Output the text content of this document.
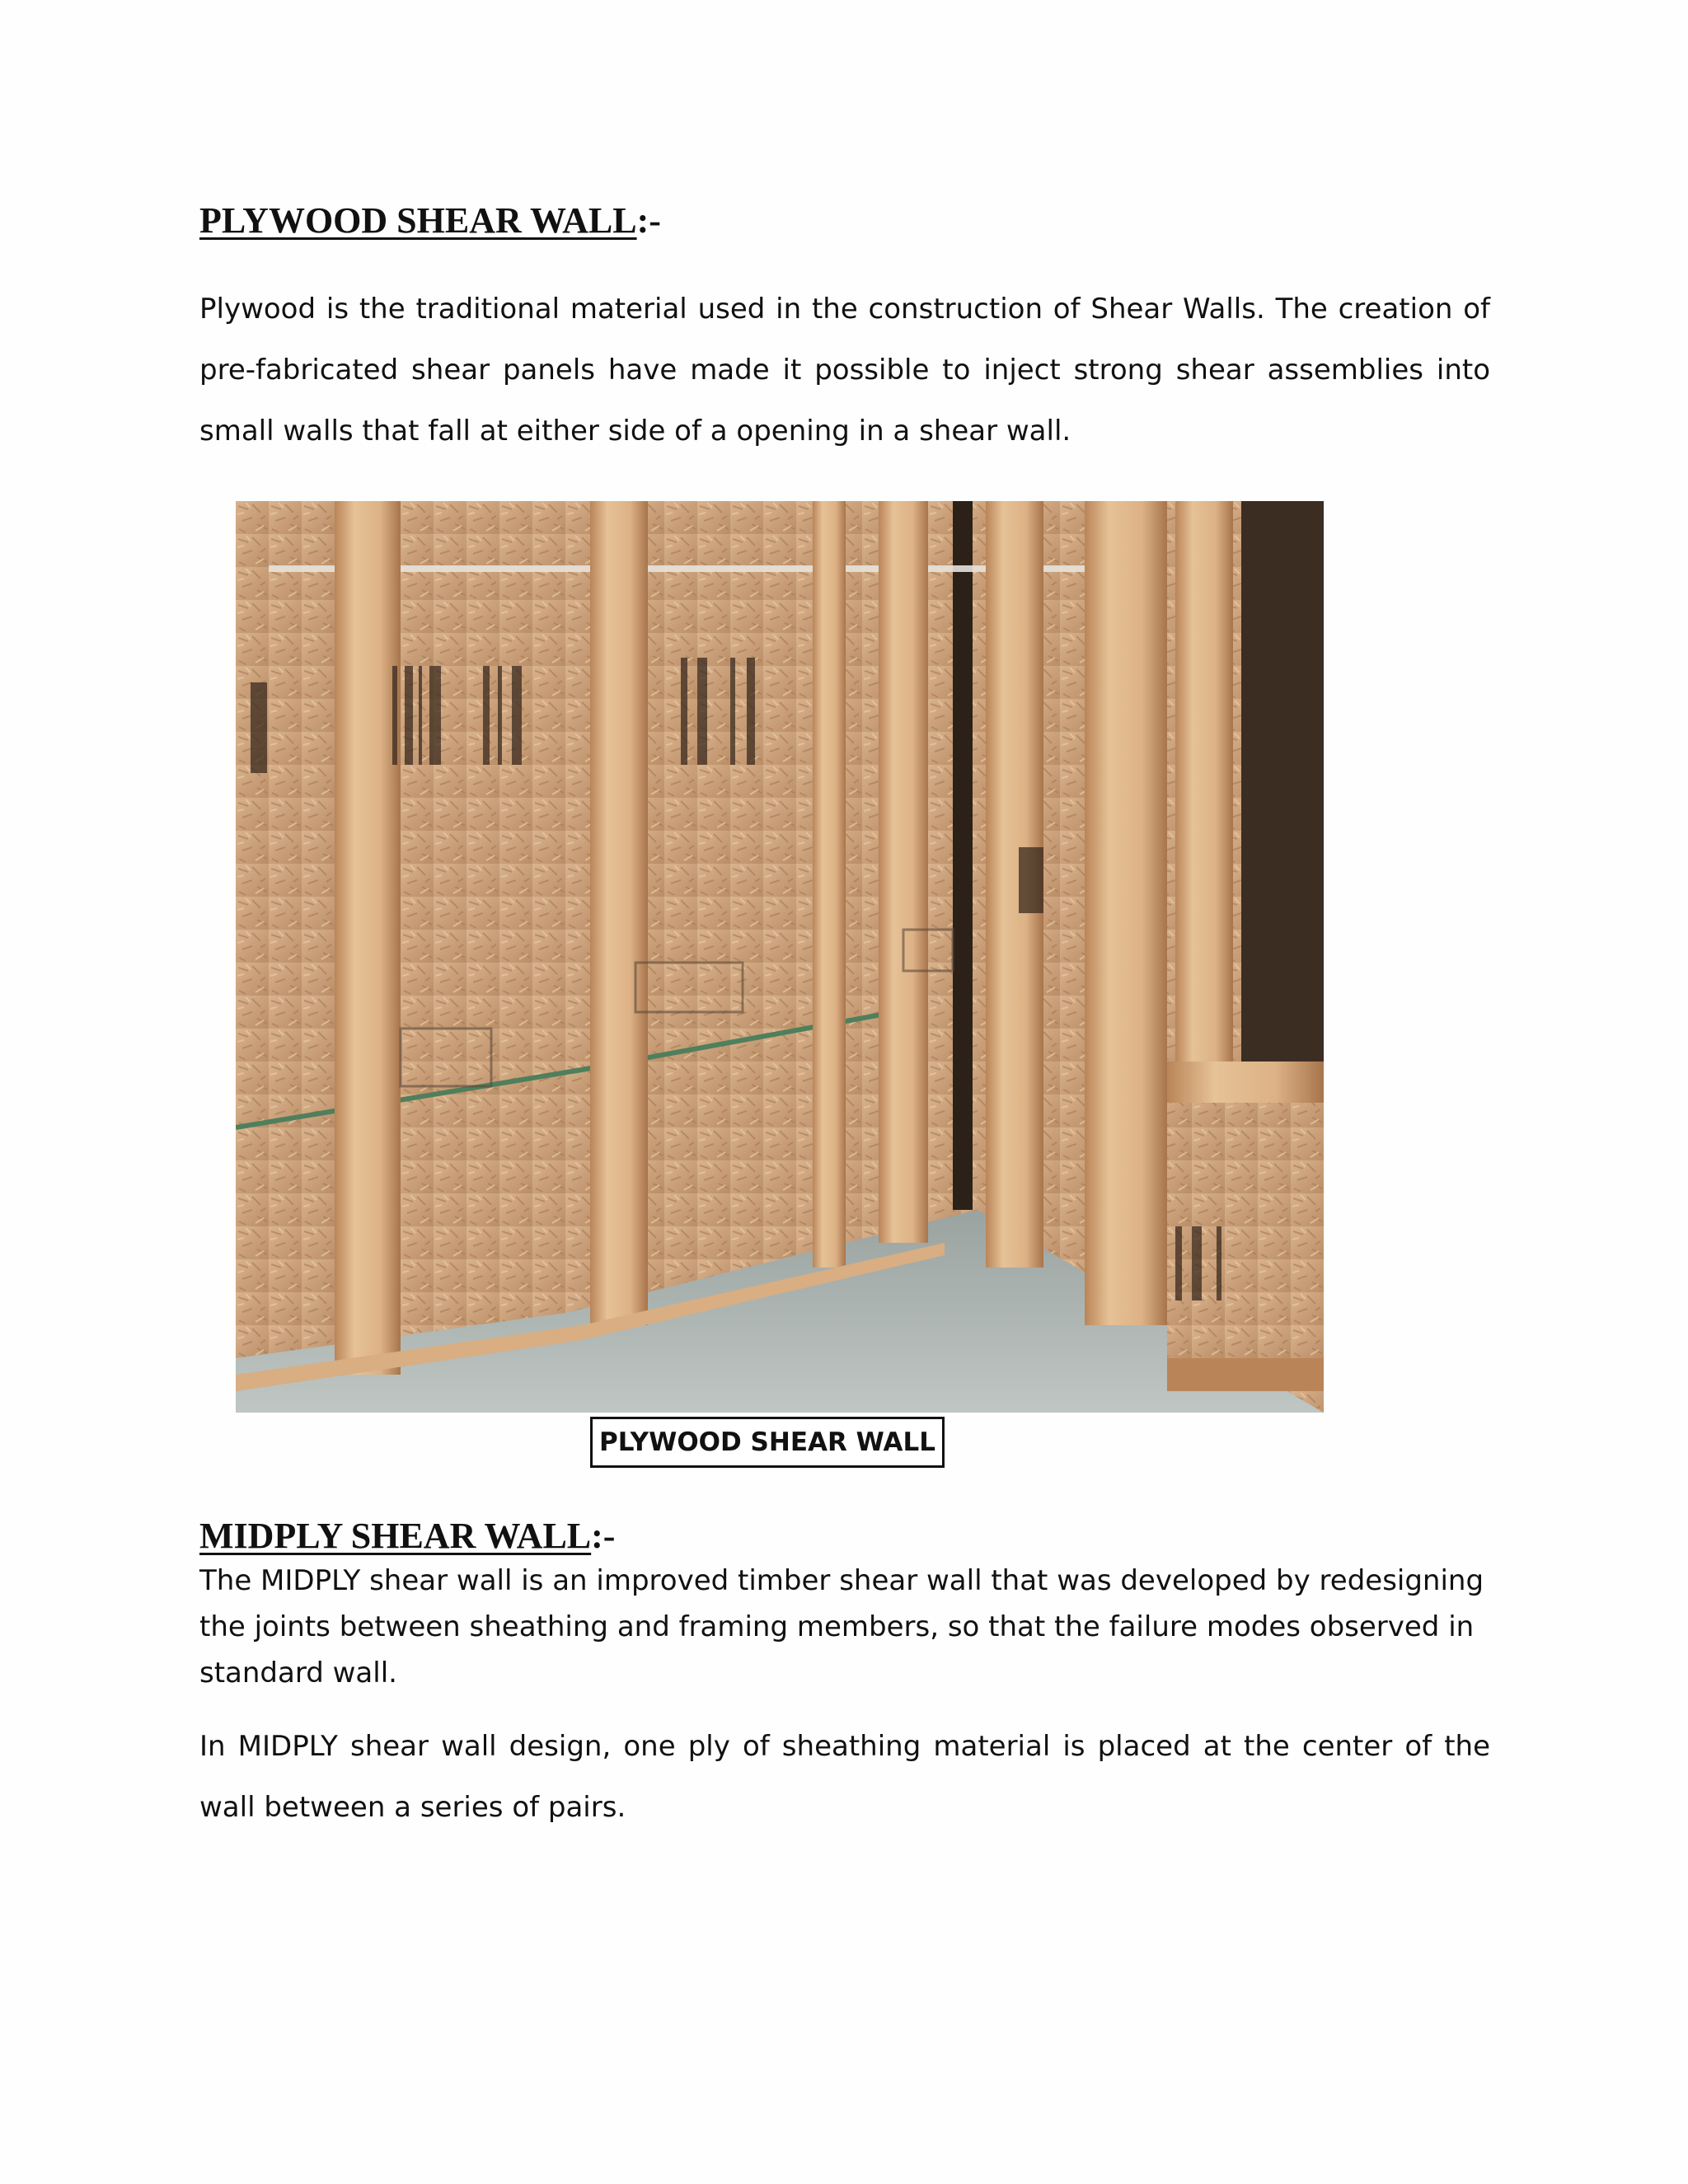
PLYWOOD SHEAR WALL:-

Plywood is the traditional material used in the construction of Shear Walls. The creation of pre-fabricated shear panels have made it possible to inject strong shear assemblies into small walls that fall at either side of a opening in a shear wall.

PLYWOOD SHEAR WALL
MIDPLY SHEAR WALL:-

The MIDPLY shear wall is an improved timber shear wall that was developed by redesigning the joints between sheathing and framing members, so that the failure modes observed in standard wall.

In MIDPLY shear wall design, one ply of sheathing material is placed at the center of the wall between a series of pairs.
